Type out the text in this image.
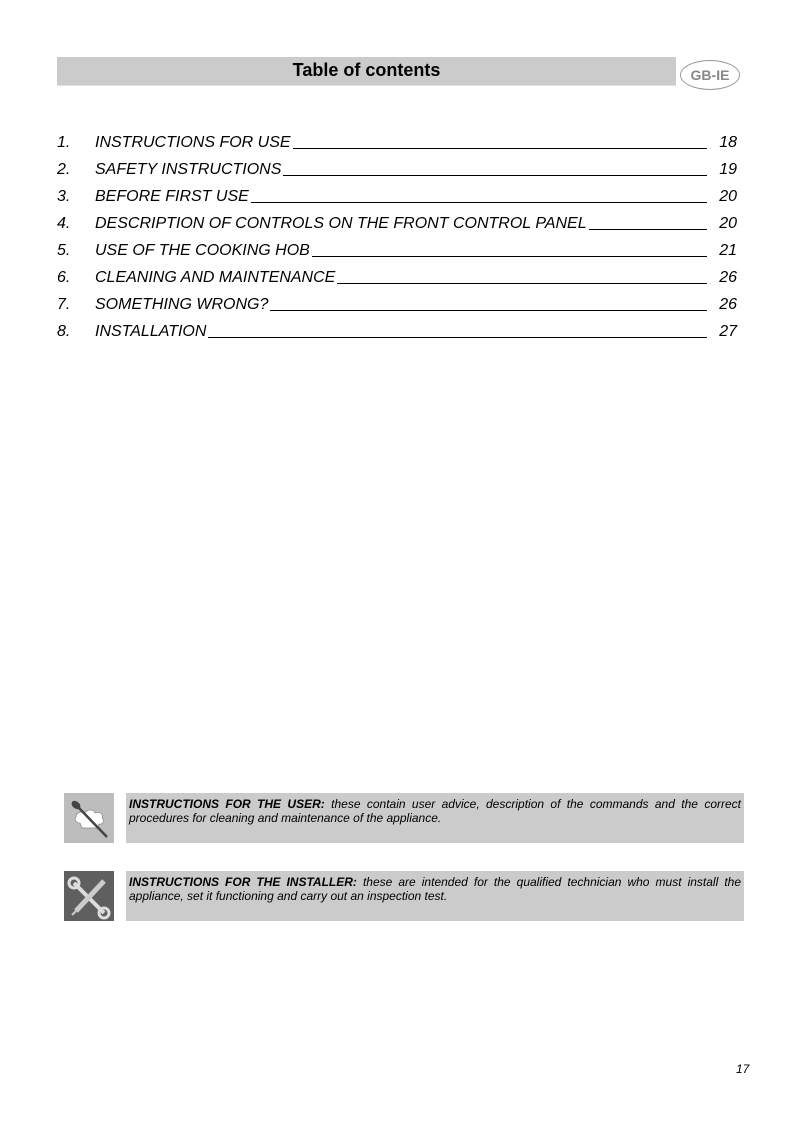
Table of contents	GB-IE
1.	INSTRUCTIONS FOR USE	18
2.	SAFETY INSTRUCTIONS	19
3.	BEFORE FIRST USE	20
4.	DESCRIPTION OF CONTROLS ON THE FRONT CONTROL PANEL	20
5.	USE OF THE COOKING HOB	21
6.	CLEANING AND MAINTENANCE	26
7.	SOMETHING WRONG?	26
8.	INSTALLATION	27
INSTRUCTIONS FOR THE USER: these contain user advice, description of the commands and the correct procedures for cleaning and maintenance of the appliance.
INSTRUCTIONS FOR THE INSTALLER: these are intended for the qualified technician who must install the appliance, set it functioning and carry out an inspection test.
17
